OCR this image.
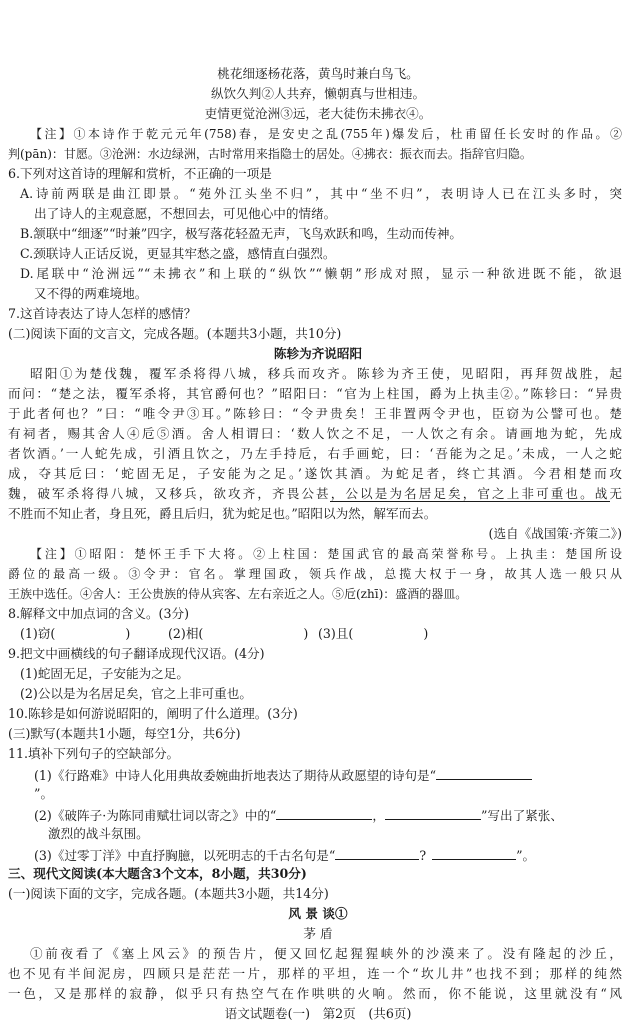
桃花细逐杨花落，黄鸟时兼白鸟飞。
纵饮久判②人共弃，懒朝真与世相违。
吏情更觉沧洲③远，老大徒伤未拂衣④。
【注】①本诗作于乾元元年(758)春，是安史之乱(755年)爆发后，杜甫留任长安时的作品。②
判(pān)：甘愿。③沧洲：水边绿洲，古时常用来指隐士的居处。④拂衣：振衣而去。指辞官归隐。
6.下列对这首诗的理解和赏析，不正确的一项是
A.诗前两联是曲江即景。“苑外江头坐不归”，其中“坐不归”，表明诗人已在江头多时，突
出了诗人的主观意愿，不想回去，可见他心中的情绪。
B.颔联中“细逐”“时兼”四字，极写落花轻盈无声，飞鸟欢跃和鸣，生动而传神。
C.颈联诗人正话反说，更显其牢愁之盛，感情直白强烈。
D.尾联中“沧洲远”“未拂衣”和上联的“纵饮”“懒朝”形成对照，显示一种欲进既不能，欲退
又不得的两难境地。
7.这首诗表达了诗人怎样的感情？
(二)阅读下面的文言文，完成各题。(本题共3小题，共10分)
陈轸为齐说昭阳
昭阳①为楚伐魏，覆军杀将得八城，移兵而攻齐。陈轸为齐王使，见昭阳，再拜贺战胜，起
而问：“楚之法，覆军杀将，其官爵何也？”昭阳曰：“官为上柱国，爵为上执圭②。”陈轸曰：“异贵
于此者何也？”曰：“唯令尹③耳。”陈轸曰：“令尹贵矣！王非置两令尹也，臣窃为公譬可也。楚
有祠者，赐其舍人④卮⑤酒。舍人相谓曰：‘数人饮之不足，一人饮之有余。请画地为蛇，先成
者饮酒。’一人蛇先成，引酒且饮之，乃左手持卮，右手画蛇，曰：‘吾能为之足。’未成，一人之蛇
成，夺其卮曰：‘蛇固无足，子安能为之足。’遂饮其酒。为蛇足者，终亡其酒。今君相楚而攻
魏，破军杀将得八城，又移兵，欲攻齐，齐畏公甚，公以是为名居足矣，官之上非可重也。战无
不胜而不知止者，身且死，爵且后归，犹为蛇足也。”昭阳以为然，解军而去。
(选自《战国策·齐策二》)
【注】①昭阳：楚怀王手下大将。②上柱国：楚国武官的最高荣誉称号。上执圭：楚国所设
爵位的最高一级。③令尹：官名。掌理国政，领兵作战，总揽大权于一身，故其人选一般只从
王族中选任。④舍人：王公贵族的侍从宾客、左右亲近之人。⑤卮(zhī)：盛酒的器皿。
8.解释文中加点词的含义。(3分)
(1)窃(	)	(2)相(	) (3)且(	)
9.把文中画横线的句子翻译成现代汉语。(4分)
(1)蛇固无足，子安能为之足。
(2)公以是为名居足矣，官之上非可重也。
10.陈轸是如何游说昭阳的，阐明了什么道理。(3分)
(三)默写(本题共1小题，每空1分，共6分)
11.填补下列句子的空缺部分。
(1)《行路难》中诗人化用典故委婉曲折地表达了期待从政愿望的诗句是“
”。
(2)《破阵子·为陈同甫赋壮词以寄之》中的“	，	”写出了紧张、
激烈的战斗氛围。
(3)《过零丁洋》中直抒胸臆，以死明志的千古名句是“	?	”。
三、现代文阅读(本大题含3个文本，8小题，共30分)
(一)阅读下面的文字，完成各题。(本题共3小题，共14分)
风 景 谈①
茅 盾
①前夜看了《塞上风云》的预告片，便又回忆起猩猩峡外的沙漠来了。没有隆起的沙丘，
也不见有半间泥房，四顾只是茫茫一片，那样的平坦，连一个“坎儿井”也找不到；那样的纯然
一色，又是那样的寂静，似乎只有热空气在作哄哄的火响。然而，你不能说，这里就没有“风
语文试题卷(一)　第2页　(共6页)
